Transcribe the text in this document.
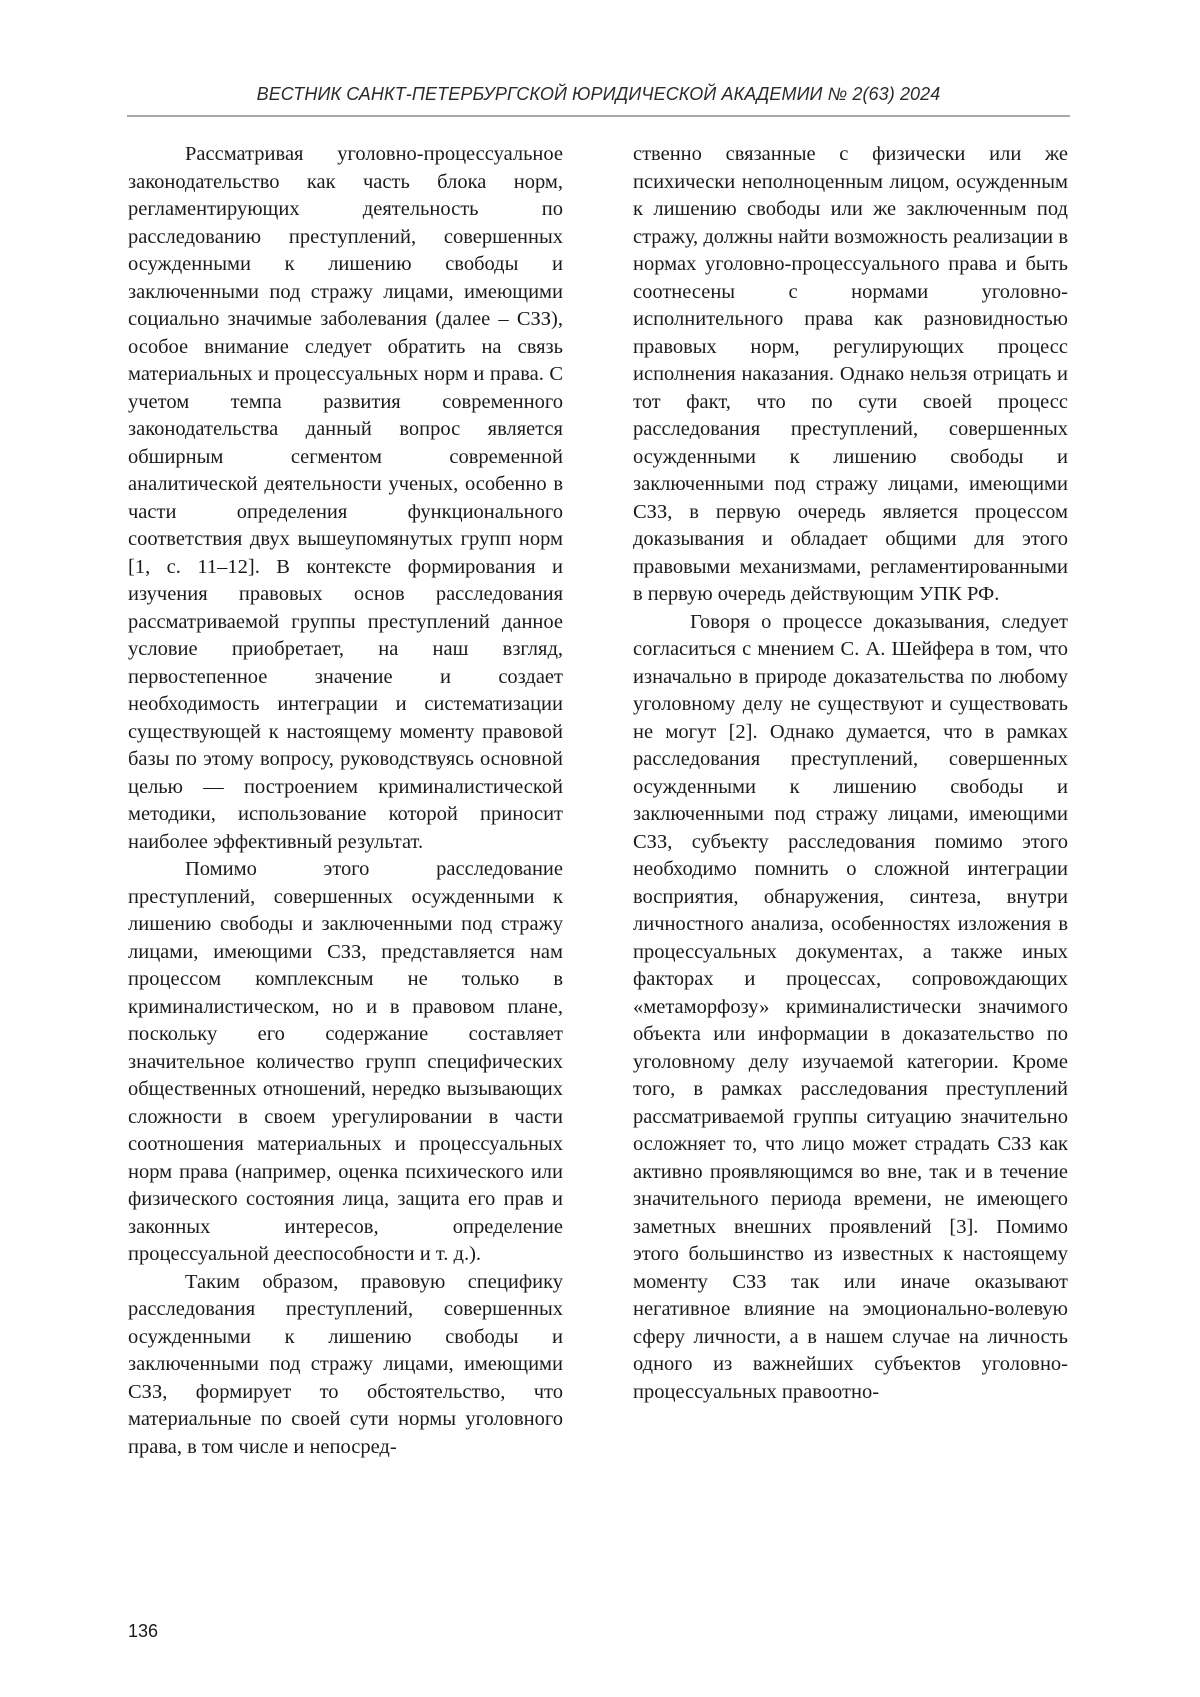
ВЕСТНИК САНКТ-ПЕТЕРБУРГСКОЙ ЮРИДИЧЕСКОЙ АКАДЕМИИ № 2(63) 2024

Рассматривая уголовно-процессуальное законодательство как часть блока норм, регламентирующих деятельность по расследованию преступлений, совершенных осужденными к лишению свободы и заключенными под стражу лицами, имеющими социально значимые заболевания (далее – СЗЗ), особое внимание следует обратить на связь материальных и процессуальных норм и права. С учетом темпа развития современного законодательства данный вопрос является обширным сегментом современной аналитической деятельности ученых, особенно в части определения функционального соответствия двух вышеупомянутых групп норм [1, с. 11–12]. В контексте формирования и изучения правовых основ расследования рассматриваемой группы преступлений данное условие приобретает, на наш взгляд, первостепенное значение и создает необходимость интеграции и систематизации существующей к настоящему моменту правовой базы по этому вопросу, руководствуясь основной целью — построением криминалистической методики, использование которой приносит наиболее эффективный результат.

Помимо этого расследование преступлений, совершенных осужденными к лишению свободы и заключенными под стражу лицами, имеющими СЗЗ, представляется нам процессом комплексным не только в криминалистическом, но и в правовом плане, поскольку его содержание составляет значительное количество групп специфических общественных отношений, нередко вызывающих сложности в своем урегулировании в части соотношения материальных и процессуальных норм права (например, оценка психического или физического состояния лица, защита его прав и законных интересов, определение процессуальной дееспособности и т. д.).

Таким образом, правовую специфику расследования преступлений, совершенных осужденными к лишению свободы и заключенными под стражу лицами, имеющими СЗЗ, формирует то обстоятельство, что материальные по своей сути нормы уголовного права, в том числе и непосред-

ственно связанные с физически или же психически неполноценным лицом, осужденным к лишению свободы или же заключенным под стражу, должны найти возможность реализации в нормах уголовно-процессуального права и быть соотнесены с нормами уголовно-исполнительного права как разновидностью правовых норм, регулирующих процесс исполнения наказания. Однако нельзя отрицать и тот факт, что по сути своей процесс расследования преступлений, совершенных осужденными к лишению свободы и заключенными под стражу лицами, имеющими СЗЗ, в первую очередь является процессом доказывания и обладает общими для этого правовыми механизмами, регламентированными в первую очередь действующим УПК РФ.

Говоря о процессе доказывания, следует согласиться с мнением С. А. Шейфера в том, что изначально в природе доказательства по любому уголовному делу не существуют и существовать не могут [2]. Однако думается, что в рамках расследования преступлений, совершенных осужденными к лишению свободы и заключенными под стражу лицами, имеющими СЗЗ, субъекту расследования помимо этого необходимо помнить о сложной интеграции восприятия, обнаружения, синтеза, внутри личностного анализа, особенностях изложения в процессуальных документах, а также иных факторах и процессах, сопровождающих «метаморфозу» криминалистически значимого объекта или информации в доказательство по уголовному делу изучаемой категории. Кроме того, в рамках расследования преступлений рассматриваемой группы ситуацию значительно осложняет то, что лицо может страдать СЗЗ как активно проявляющимся во вне, так и в течение значительного периода времени, не имеющего заметных внешних проявлений [3]. Помимо этого большинство из известных к настоящему моменту СЗЗ так или иначе оказывают негативное влияние на эмоционально-волевую сферу личности, а в нашем случае на личность одного из важнейших субъектов уголовно-процессуальных правоотно-

136
